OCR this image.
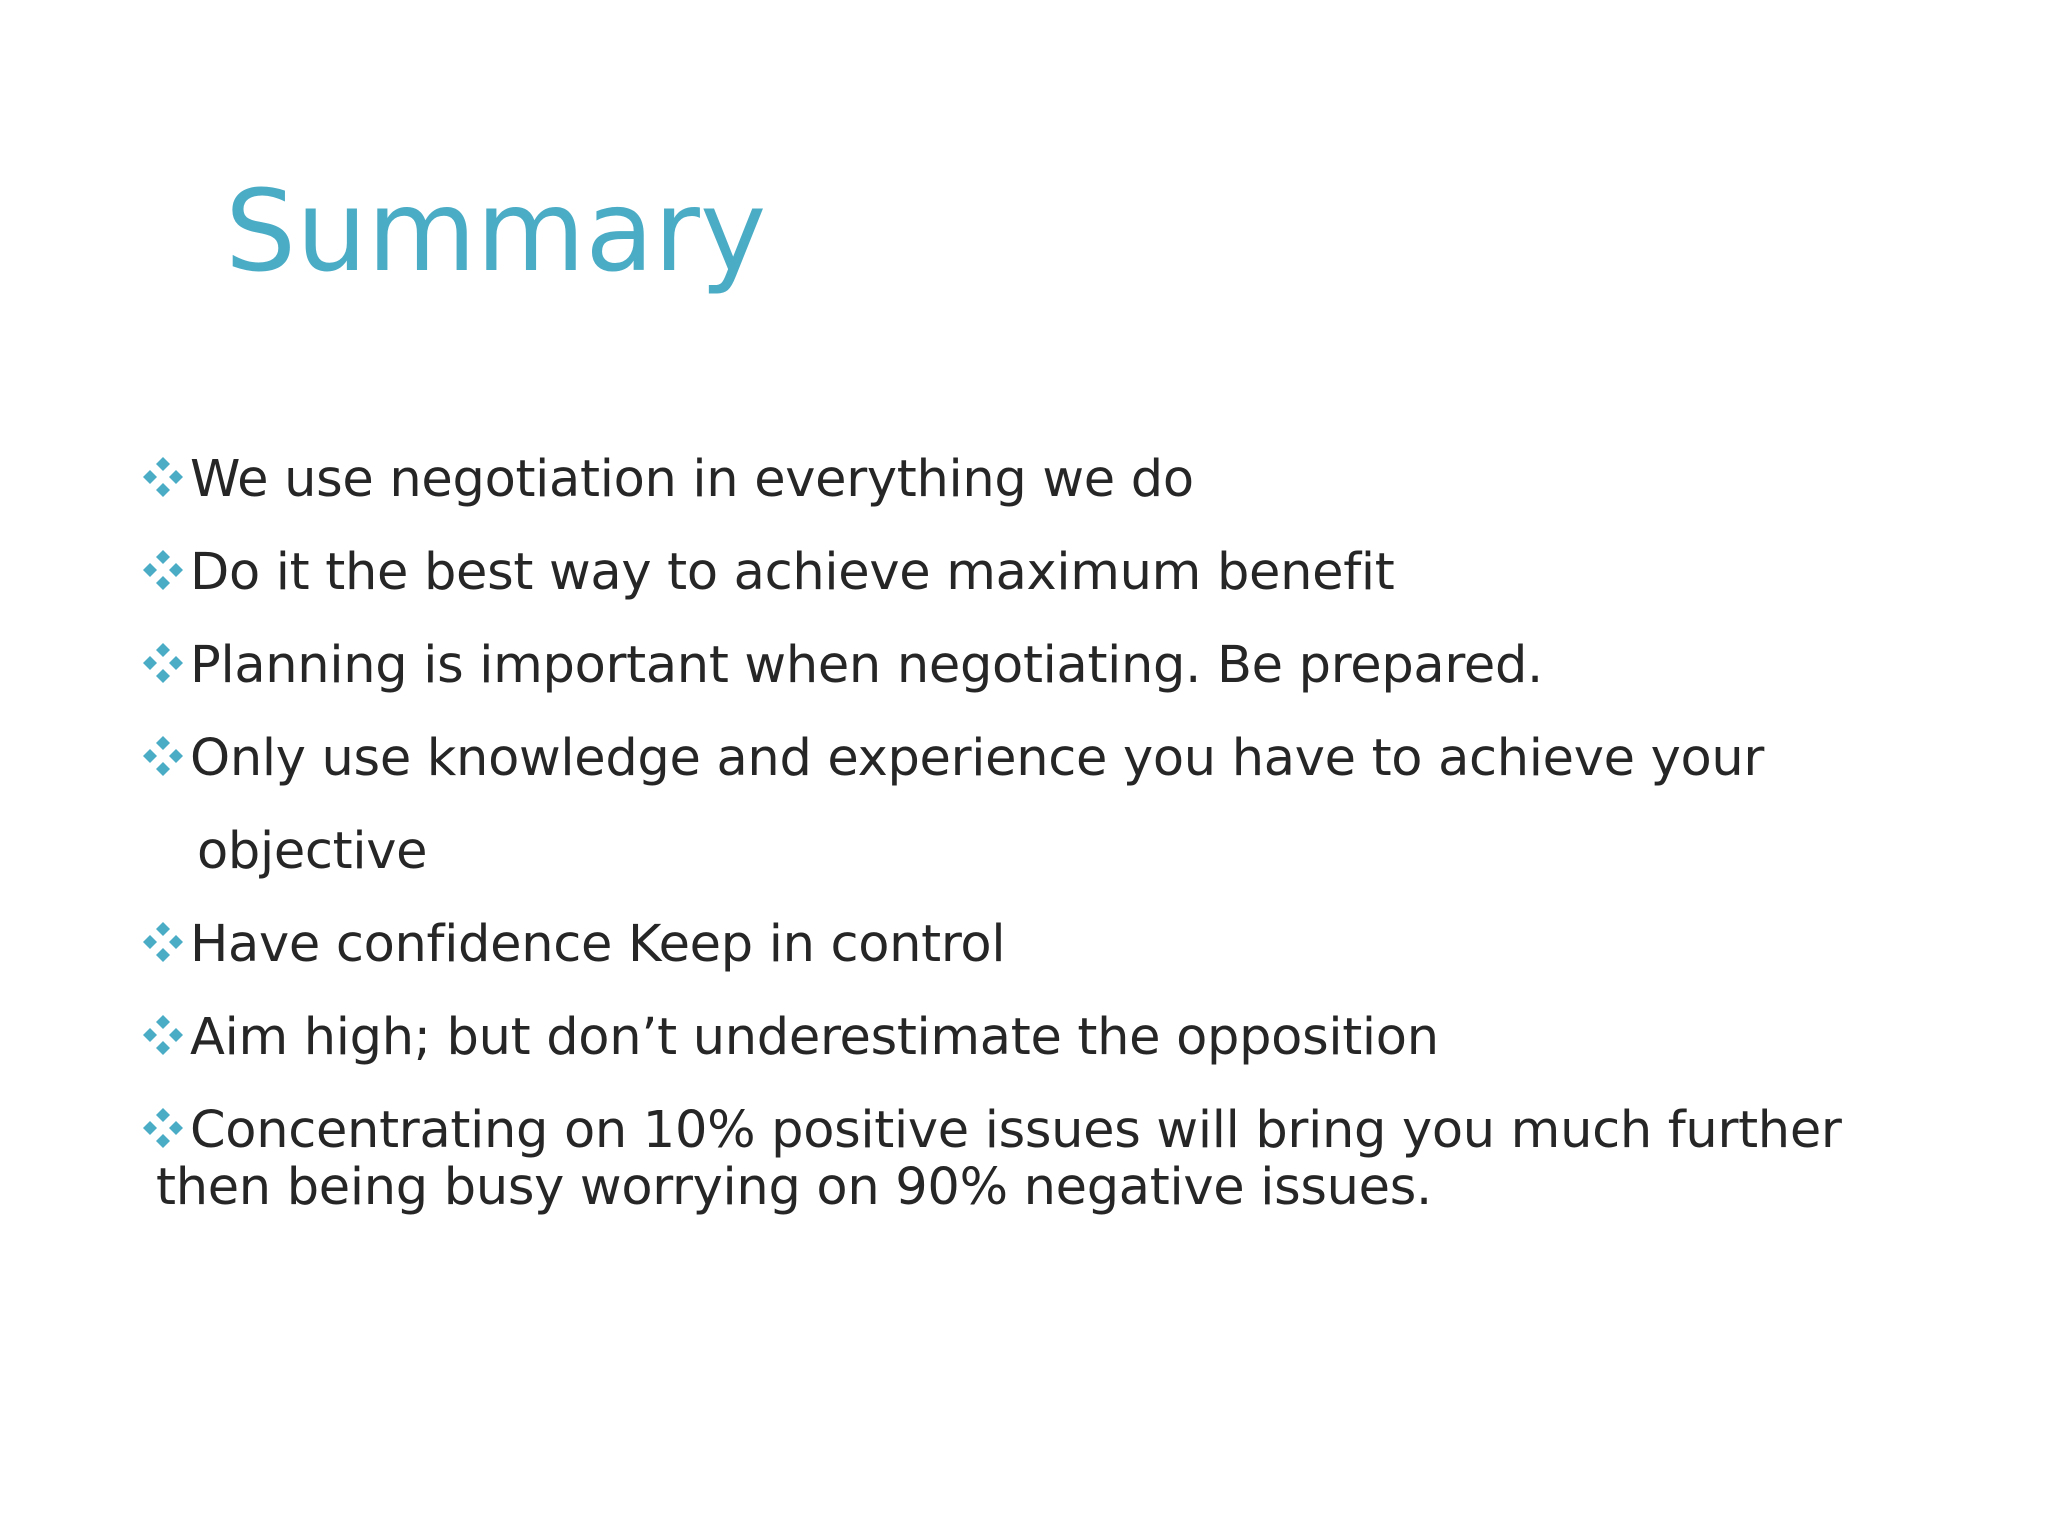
Summary
We use negotiation in everything we do
Do it the best way to achieve maximum benefit
Planning is important when negotiating. Be prepared.
Only use knowledge and experience you have to achieve your
objective
Have confidence Keep in control
Aim high; but don’t underestimate the opposition
Concentrating on 10% positive issues will bring you much further
then being busy worrying on 90% negative issues.
